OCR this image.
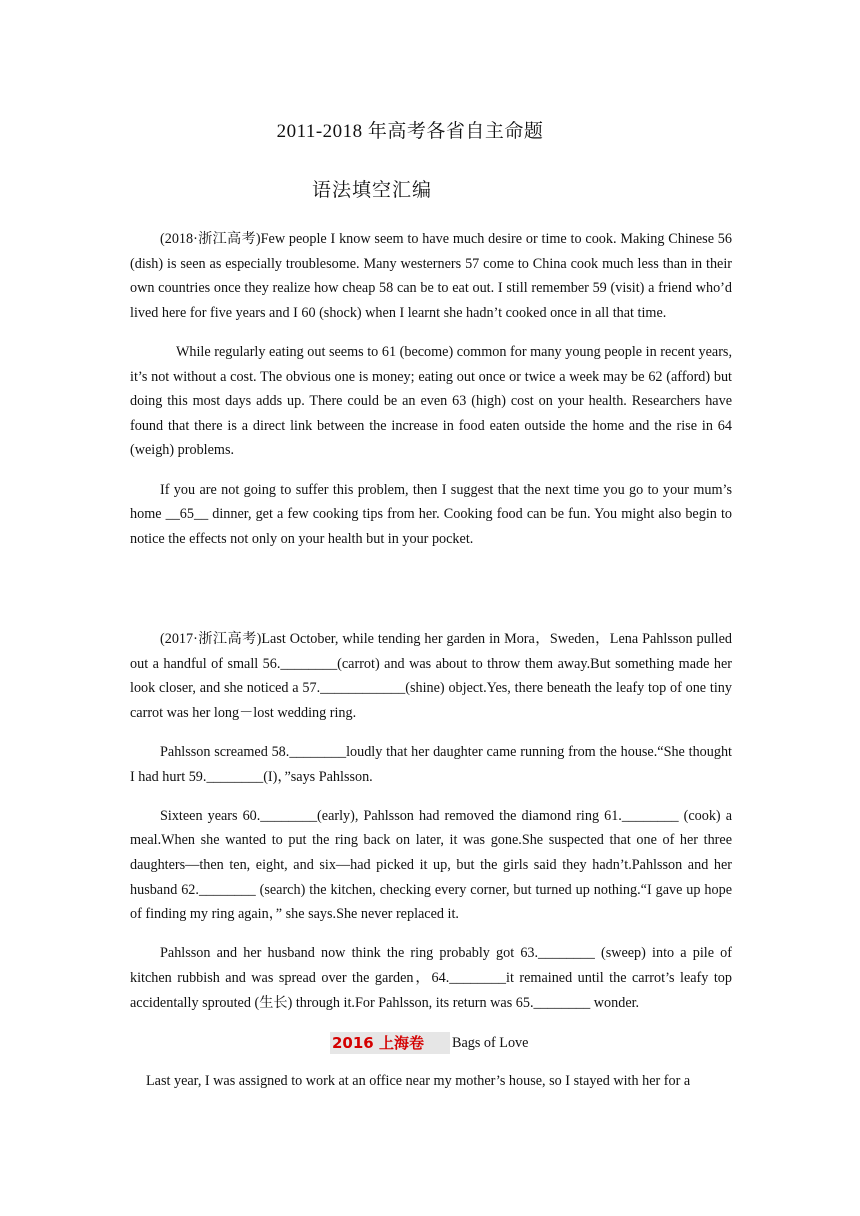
2011-2018 年高考各省自主命题
语法填空汇编

(2018·浙江高考)Few people I know seem to have much desire or time to cook. Making Chinese 56 (dish) is seen as especially troublesome. Many westerners 57 come to China cook much less than in their own countries once they realize how cheap 58 can be to eat out. I still remember 59 (visit) a friend who’d lived here for five years and I 60 (shock) when I learnt she hadn’t cooked once in all that time.

While regularly eating out seems to 61 (become) common for many young people in recent years, it’s not without a cost. The obvious one is money; eating out once or twice a week may be 62 (afford) but doing this most days adds up. There could be an even 63 (high) cost on your health. Researchers have found that there is a direct link between the increase in food eaten outside the home and the rise in 64 (weigh) problems.

If you are not going to suffer this problem, then I suggest that the next time you go to your mum’s home __65__ dinner, get a few cooking tips from her. Cooking food can be fun. You might also begin to notice the effects not only on your health but in your pocket.

(2017·浙江高考)Last October, while tending her garden in Mora，Sweden，Lena Pahlsson pulled out a handful of small 56.________(carrot) and was about to throw them away.But something made her look closer, and she noticed a 57.____________(shine) object.Yes, there beneath the leafy top of one tiny carrot was her long－lost wedding ring.

Pahlsson screamed 58.________loudly that her daughter came running from the house.“She thought I had hurt 59.________(I)，”says Pahlsson.

Sixteen years 60.________(early), Pahlsson had removed the diamond ring 61.________ (cook) a meal.When she wanted to put the ring back on later, it was gone.She suspected that one of her three daughters—then ten, eight, and six—had picked it up, but the girls said they hadn’t.Pahlsson and her husband 62.________ (search) the kitchen, checking every corner, but turned up nothing.“I gave up hope of finding my ring again，” she says.She never replaced it.

Pahlsson and her husband now think the ring probably got 63.________ (sweep) into a pile of kitchen rubbish and was spread over the garden，64.________it remained until the carrot’s leafy top accidentally sprouted (生长) through it.For Pahlsson, its return was 65.________ wonder.

2016 上海卷	Bags of Love
Last year, I was assigned to work at an office near my mother’s house, so I stayed with her for a
